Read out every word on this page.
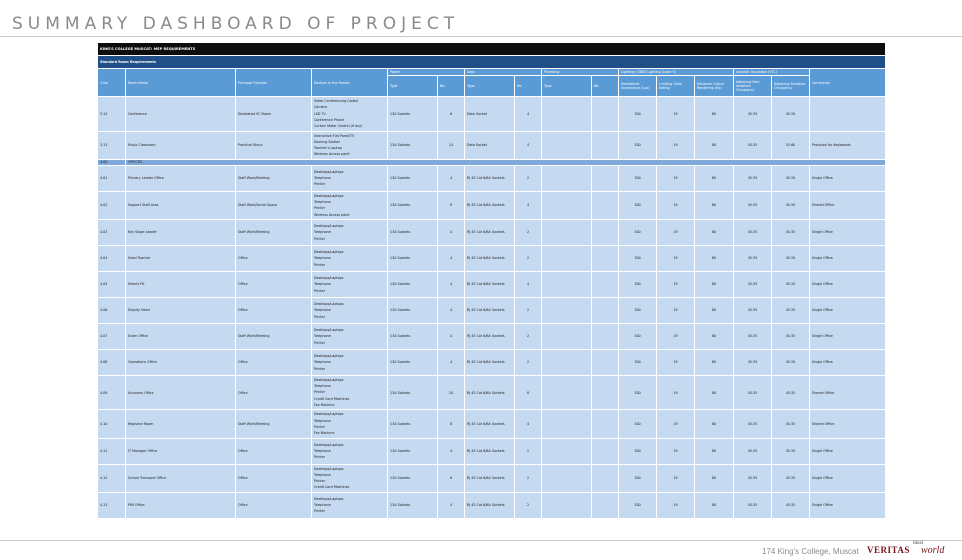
SUMMARY DASHBOARD OF PROJECT
KING'S COLLEGE MUSCAT: MEP REQUIREMENTS															
Standard Room Requirements															
S.No	Room Name	Principal Function	Devices in the Rooms	Power		Data		Plumbing		Lighting (CIBSE Lighting Guide 5)			Acoustic Insulation (STC)		Comments
				Type	No	Type	No	Type	No	Maintained Illuminance (Lux)	Limiting Glare Rating	Minimum Colour Rendering (Ra)	Adjoining Non-sensitive Occupancy	Adjoining Sensitive Occupancy	
3.12	Conference	Dedicated VC Room	Video Conferencing Coded
Camera
LED TV
Conference Phone
Curtain Motor Control (if any)	13A Sockets	6	Data Socket	4			300	19	80	45-55	45-55	
3.13	Music Classroom	Practical Music	Interactive Flat Panel/TV
Docking Station
Teacher's Laptop
Wireless Access point	13A Sockets	14	Data Socket	4			300	19	80	45-55	55-60	Provision for Keyboards
4.00	OFFICES														
4.01	Primary Leader Office	Staff Work/Meeting	Desktops/Laptops
Telephone
Printer	13A Sockets	4	RJ 45 Cat 6/6A Sockets	2			300	19	80	45-55	45-55	Single Office
4.02	Support Staff Area	Staff Work/Social Space	Desktops/Laptops
Telephone
Printer
Wireless Access point	13A Sockets	8	RJ 45 Cat 6/6A Sockets	4			300	19	80	45-55	45-55	Shared Office
4.03	Key Stage Leader	Staff Work/Meeting	Desktops/Laptops
Telephone
Printer	13A Sockets	4	RJ 45 Cat 6/6A Sockets	2			300	19	80	45-55	45-55	Single Office
4.04	Head Teacher	Office	Desktops/Laptops
Telephone
Printer	13A Sockets	4	RJ 45 Cat 6/6A Sockets	2			300	19	80	45-55	45-55	Single Office
4.05	Head's PA	Office	Desktops/Laptops
Telephone
Printer	13A Sockets	4	RJ 45 Cat 6/6A Sockets	4			300	19	80	45-55	45-55	Single Office
4.06	Deputy Head	Office	Desktops/Laptops
Telephone
Printer	13A Sockets	4	RJ 45 Cat 6/6A Sockets	2			300	19	80	45-55	45-55	Single Office
4.07	Exam Office	Staff Work/Meeting	Desktops/Laptops
Telephone
Printer	13A Sockets	4	RJ 45 Cat 6/6A Sockets	2			300	19	80	45-55	45-55	Single Office
4.08	Operations Office	Office	Desktops/Laptops
Telephone
Printer	13A Sockets	4	RJ 45 Cat 6/6A Sockets	2			300	19	80	45-55	45-55	Single Office
4.09	Accounts Office	Office	Desktops/Laptops
Telephone
Printer
Credit Card Machines
Fax Machine	13A Sockets	10	RJ 45 Cat 6/6A Sockets	8			300	19	80	45-55	45-55	Shared Office
4.10	Registrar Room	Staff Work/Meeting	Desktops/Laptops
Telephone
Printer
Fax Machine	13A Sockets	8	RJ 45 Cat 6/6A Sockets	4			300	19	80	45-55	45-55	Shared Office
4.11	IT Manager Office	Office	Desktops/Laptops
Telephone
Printer	13A Sockets	4	RJ 45 Cat 6/6A Sockets	2			300	19	80	45-55	45-55	Single Office
4.12	School Transport Office	Office	Desktops/Laptops
Telephone
Printer
Credit Card Machines	13A Sockets	6	RJ 45 Cat 6/6A Sockets	2			300	19	80	45-55	45-55	Single Office
4.13	PMI Office	Office	Desktops/Laptops
Telephone
Printer	13A Sockets	4	RJ 45 Cat 6/6A Sockets	2			300	19	80	45-55	45-55	Single Office
174 King's College, Muscat VERITAS
Ideal
world
